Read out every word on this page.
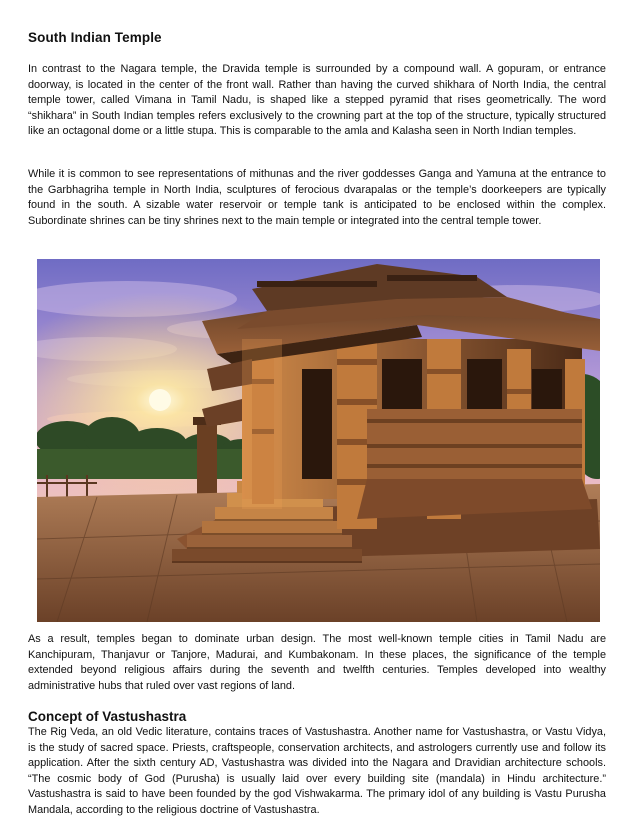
South Indian Temple

In contrast to the Nagara temple, the Dravida temple is surrounded by a compound wall. A gopuram, or entrance doorway, is located in the center of the front wall. Rather than having the curved shikhara of North India, the central temple tower, called Vimana in Tamil Nadu, is shaped like a stepped pyramid that rises geometrically. The word “shikhara” in South Indian temples refers exclusively to the crowning part at the top of the structure, typically structured like an octagonal dome or a little stupa. This is comparable to the amla and Kalasha seen in North Indian temples.

While it is common to see representations of mithunas and the river goddesses Ganga and Yamuna at the entrance to the Garbhagriha temple in North India, sculptures of ferocious dvarapalas or the temple’s doorkeepers are typically found in the south. A sizable water reservoir or temple tank is anticipated to be enclosed within the complex. Subordinate shrines can be tiny shrines next to the main temple or integrated into the central temple tower.

As a result, temples began to dominate urban design. The most well-known temple cities in Tamil Nadu are Kanchipuram, Thanjavur or Tanjore, Madurai, and Kumbakonam. In these places, the significance of the temple extended beyond religious affairs during the seventh and twelfth centuries. Temples developed into wealthy administrative hubs that ruled over vast regions of land.

Concept of Vastushastra

The Rig Veda, an old Vedic literature, contains traces of Vastushastra. Another name for Vastushastra, or Vastu Vidya, is the study of sacred space. Priests, craftspeople, conservation architects, and astrologers currently use and follow its application. After the sixth century AD, Vastushastra was divided into the Nagara and Dravidian architecture schools. “The cosmic body of God (Purusha) is usually laid over every building site (mandala) in Hindu architecture.” Vastushastra is said to have been founded by the god Vishwakarma. The primary idol of any building is Vastu Purusha Mandala, according to the religious doctrine of Vastushastra.
